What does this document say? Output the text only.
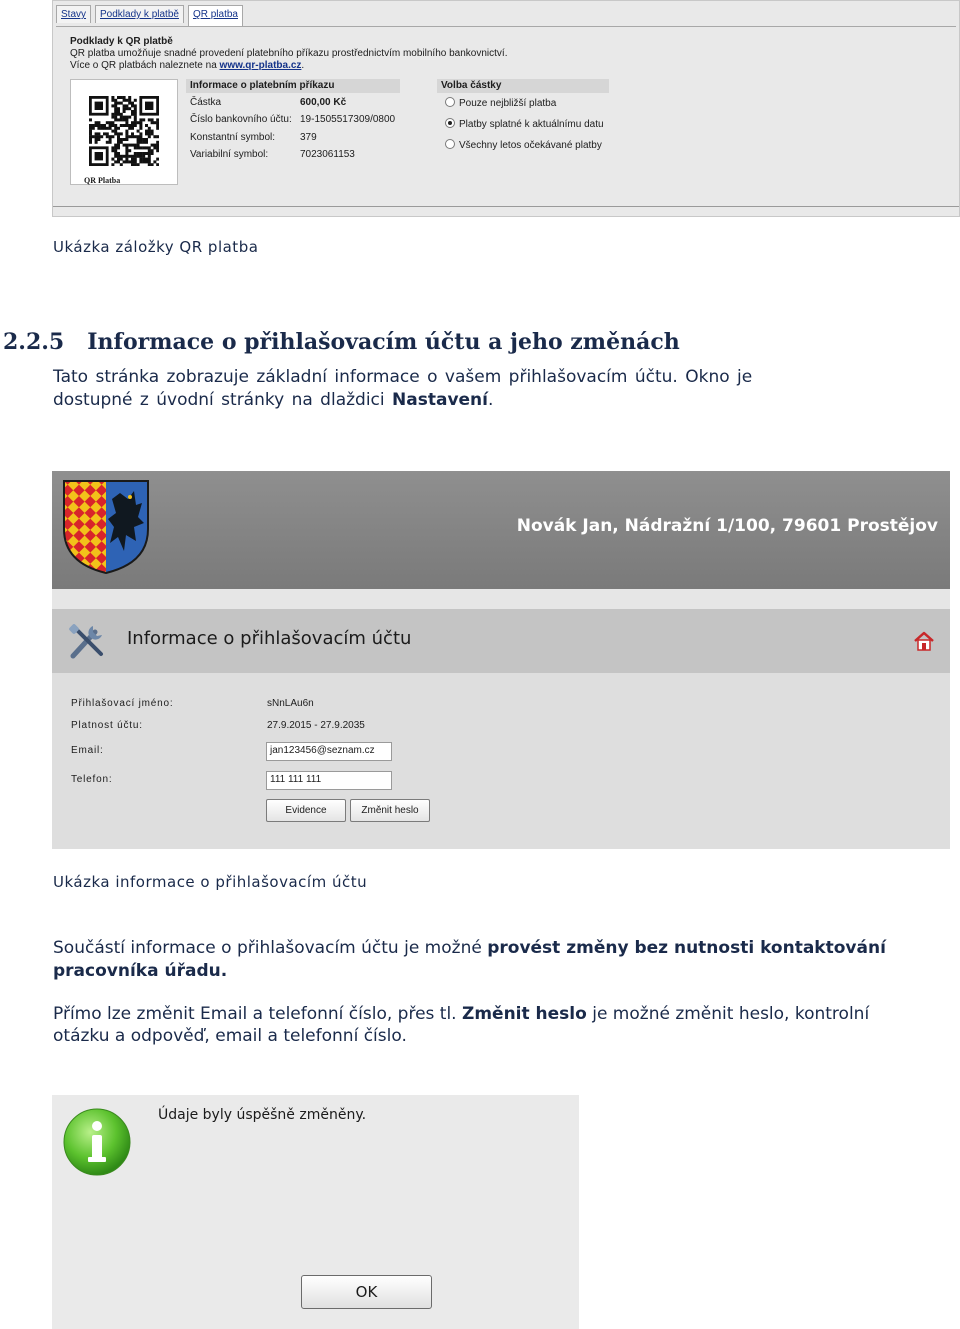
Stavy	Podklady k platbě	QR platba
Podklady k QR platbě
QR platba umožňuje snadné provedení platebního příkazu prostřednictvím mobilního bankovnictví.
Více o QR platbách naleznete na www.qr-platba.cz.
QR Platba
Informace o platebním příkazu
Částka	600,00 Kč
Číslo bankovního účtu: 19-1505517309/0800
Konstantní symbol: 379
Variabilní symbol:	7023061153
Volba částky
Pouze nejbližší platba
Platby splatné k aktuálnímu datu
Všechny letos očekávané platby
Ukázka záložky QR platba
2.2.5 Informace o přihlašovacím účtu a jeho změnách
Tato stránka zobrazuje základní informace o vašem přihlašovacím účtu. Okno je
dostupné z úvodní stránky na dlaždici Nastavení.
Novák Jan, Nádražní 1/100, 79601 Prostějov
Informace o přihlašovacím účtu
Přihlašovací jméno:	sNnLAu6n
Platnost účtu:	27.9.2015 - 27.9.2035
Email:	jan123456@seznam.cz
Telefon:	111 111 111
Evidence	Změnit heslo
Ukázka informace o přihlašovacím účtu
Součástí informace o přihlašovacím účtu je možné provést změny bez nutnosti kontaktování
pracovníka úřadu.
Přímo lze změnit Email a telefonní číslo, přes tl. Změnit heslo je možné změnit heslo, kontrolní
otázku a odpověď, email a telefonní číslo.
Údaje byly úspěšně změněny.
OK
